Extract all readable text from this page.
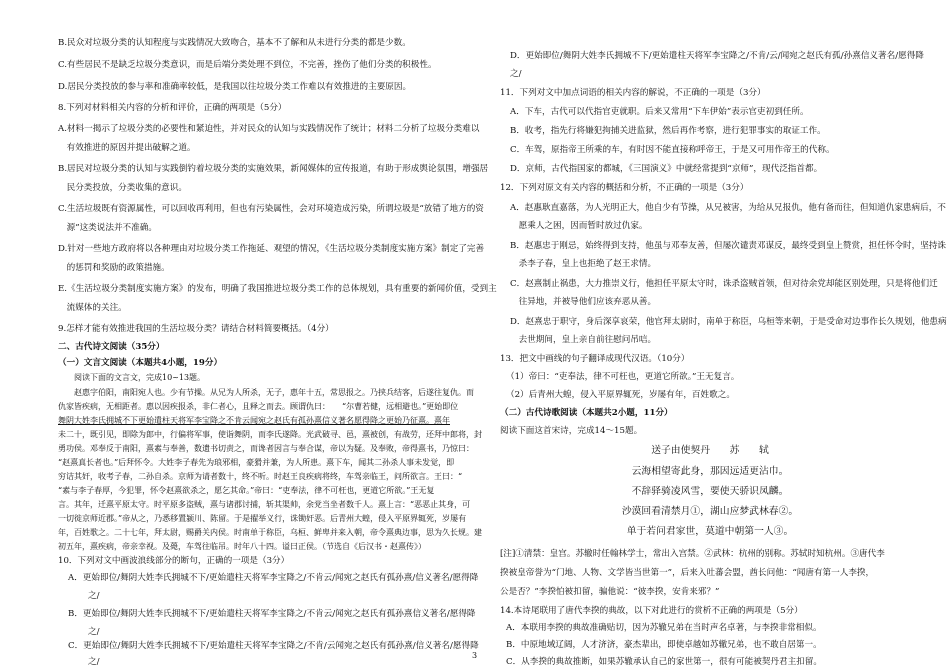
B.民众对垃圾分类的认知程度与实践情况大致吻合，基本不了解和从未进行分类的都是少数。
C.有些居民不是缺乏垃圾分类意识，而是后端分类处理不到位，不完善，挫伤了他们分类的积极性。
D.居民分类投放的参与率和准确率较低，是我国以往垃圾分类工作难以有效推进的主要原因。
8.下列对材料相关内容的分析和评价，正确的两项是（5分）
A.材料一揭示了垃圾分类的必要性和紧迫性，并对民众的认知与实践情况作了统计；材料二分析了垃圾分类难以
　有效推进的原因并提出破解之道。
B.居民对垃圾分类的认知与实践倒钓着垃圾分类的实施效果，新闻媒体的宣传报道，有助于形成舆论氛围，增强居
　民分类投放，分类收集的意识。
C.生活垃圾既有资源属性，可以回收再利用，但也有污染属性，会对环境造成污染，所谓垃圾是“放错了地方的资
　源”这类说法并不准确。
D.针对一些地方政府将以各种理由对垃圾分类工作拖延、观望的情况，《生活垃圾分类制度实施方案》制定了完善
　的惩罚和奖励的政策措施。
E.《生活垃圾分类制度实施方案》的发布，明确了我国推进垃圾分类工作的总体规划，具有重要的新闻价值，受到主
　流媒体的关注。
9.怎样才能有效推进我国的生活垃圾分类？请结合材料简要概括。（4分）
二、古代诗文阅读（35分）
（一）文言文阅读（本题共4小题，19分）
阅读下面的文言文，完成10~13题。
赵惠字伯阳，南阳宛人也。少有节操。从兄为人所杀，无子，惠年十五，常思报之。乃挟兵结客，后遂往复仇。而
仇家皆疾病，无相距者。惠以因疾报杀，非仁者心，且释之而去。顾谓仇曰：　　“尔曹若健，远相避也。”更始即位
舞阴大姓李氏拥城不下更始遣柱天将军李宝降之不肯云闻宛之赵氏有孤孙熹信义著名愿得降之更始乃征熹。熹年
未二十，既引见，即除为郎中，行偏将军事，使诣舞阴，而李氏遂降。光武破寻、邑，熹被创，有战劳，还拜中郎将，封
勇功侯。邓奉反于南阳，熹素与奉善，数遗书切责之，而谗者因言与奉合谋，帝以为疑。及奉败，帝得熹书，乃惊曰：
“赵熹真长者也。”后拜怀令。大姓李子春先为琅邪相，豪猾并兼，为人所患。熹下车，闻其二孙杀人事未发觉，即
穷诘其奸，收考子春，二孙自杀。京师为请者数十，终不听。时赵王良疾病将终，车驾亲临王，问所欲言。王曰：“
“素与李子春厚，今犯罪，怀令赵熹欲杀之，愿乞其命。”帝曰：“吏奉法，律不可枉也，更道它所欲。”王无复
言。其年，迁熹平原太守。时平原多盗贼，熹与诸郡讨捕，斩其渠帅，余党当坐者数千人。熹上言：“恶恶止其身，可
一切徙京师近郡。”帝从之，乃悉移置颍川、陈留。于是擢举义行，诛锄奸恶。后青州大蝗，侵入平原界辄死，岁屡有
年，百姓歌之。二十七年，拜太尉，赐爵关内侯。时南单于称臣，乌桓、鲜卑并来入朝，帝令熹典边事，思为久长规。建
初五年，熹疾病，帝亲幸视。及薨，车驾往临吊。时年八十四。谥曰正侯。（节选自《后汉书・赵熹传》）
10．下列对文中画波浪线部分的断句，正确的一项是（3分）
A．更始即位/舞阴大姓李氏拥城不下/更始遣柱天将军李宝降之/不肯云/闻宛之赵氏有孤孙熹/信义著名/愿得降
之/
B．更始即位/舞阴大姓李氏拥城不下/更始遣柱天将军李宝降之/不肯云/闻宛之赵氏有孤孙熹信义著名/愿得降
之/
C．更始即位/舞阴大姓李氏拥城不下/更始遣柱天将军李宝降之/不肯/云闻宛之赵氏有孤孙熹/信义著名/愿得降
之/
D．更始即位/舞阴大姓李氏拥城不下/更始遣柱天将军李宝降之/不肯/云/闻宛之赵氏有孤/孙熹信义著名/愿得降
之/
11．下列对文中加点词语的相关内容的解说，不正确的一项是（3分）
A．下车，古代可以代指官吏就职。后来又常用“下车伊始”表示官吏初到任所。
B．收考，指先行将嫌犯拘捕关进监狱，然后再作考察，进行犯罪事实的取证工作。
C．车驾，原指帝王所乘的车，有时因不能直接称呼帝王，于是又可用作帝王的代称。
D．京师，古代指国家的都城，《三国演义》中就经常提到“京师”，现代泛指首都。
12．下列对原文有关内容的概括和分析，不正确的一项是（3分）
A．赵惠耿直嘉落，为人光明正大，他自少有节操，从兄被害，为给从兄报仇，他有备而往，但知道仇家患病后，不
　愿乘人之困，因而暂时放过仇家。
B．赵惠忠于刚忌，始终得到支持，他虽与邓奉友善，但屡次谴责邓谋反，最终受到皇上赞赏，担任怀令时，坚持诛
　杀李子春，皇上也拒绝了赵王求情。
C．赵熹制止祸患，大力推崇义行，他担任平原太守时，诛杀盗贼首领，但对待余党却能区别处理，只是将他们迁
　往异地，并被导他们应该弃恶从善。
D．赵熹忠于职守，身后深享哀荣，他官拜太尉时，南单于称臣，乌桓等来朝，于是受命对边事作长久规划，他患病
　去世期间，皇上亲自前往慰问吊唁。
13．把文中画线的句子翻译成现代汉语。（10分）
（1）帝曰：“吏奉法，律不可枉也，更道它所欲。”王无复言。
（2）后青州大蝗，侵入平原界辄死，岁屡有年，百姓歌之。
（二）古代诗歌阅读（本题共2小题，11分）
阅读下面这首宋诗，完成14～15题。
送子由使契丹　　苏　　轼
云海相望寄此身，那因远适更沾巾。
不辞驿骑凌风雪，要使天骄识凤麟。
沙漠回看清禁月①，湖山应梦武林春②。
单于若问君家世，莫道中朝第一人③。
[注]①清禁：皇宫。苏辙时任翰林学士，常出入宫禁。②武林：杭州的别称。苏轼时知杭州。③唐代李
揆被皇帝誉为“门地、人物、文学皆当世第一”，后来入吐蕃会盟，酋长问他：“闻唐有第一人李揆，
公是否？”李揆怕被扣留，骗他说：“彼李揆，安肯来邪？”
14.本诗尾联用了唐代李揆的典故，以下对此进行的赏析不正确的两项是（5分）
A．本联用李揆的典故准确贴切，因为苏辙兄弟在当时声名卓著，与李揆非常相似。
B．中原地域辽阔，人才济济，豪杰辈出，即使卓越如苏辙兄弟，也不敢自居第一。
C．从李揆的典故推断，如果苏辙承认自己的家世第一，很有可能被契丹君主扣留。
3
